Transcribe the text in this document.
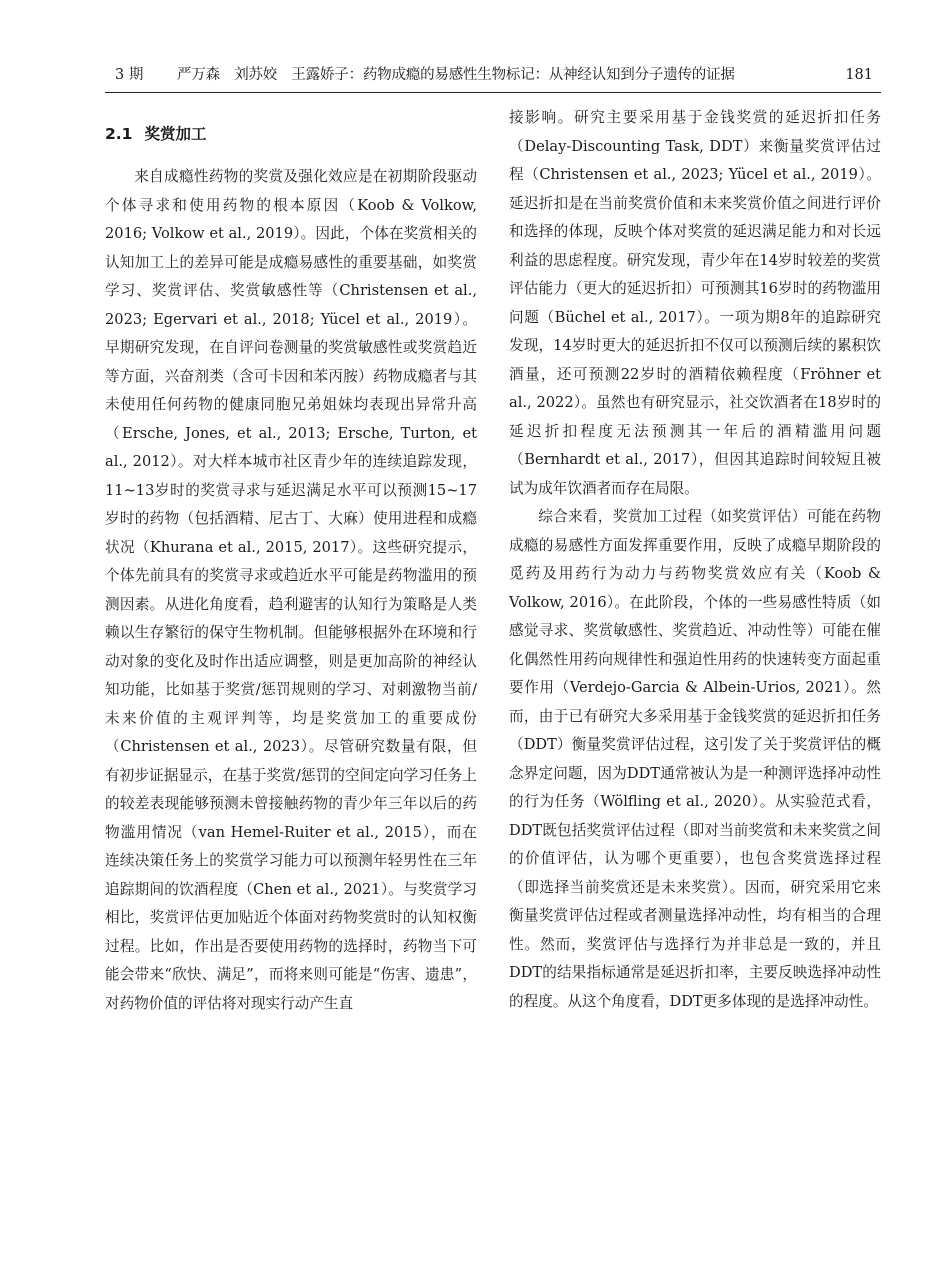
3 期 严万森　刘苏姣　王露娇子：药物成瘾的易感性生物标记：从神经认知到分子遗传的证据	181
2.1 奖赏加工

来自成瘾性药物的奖赏及强化效应是在初期阶段驱动个体寻求和使用药物的根本原因（Koob & Volkow, 2016; Volkow et al., 2019）。因此，个体在奖赏相关的认知加工上的差异可能是成瘾易感性的重要基础，如奖赏学习、奖赏评估、奖赏敏感性等（Christensen et al., 2023; Egervari et al., 2018; Yücel et al., 2019）。早期研究发现，在自评问卷测量的奖赏敏感性或奖赏趋近等方面，兴奋剂类（含可卡因和苯丙胺）药物成瘾者与其未使用任何药物的健康同胞兄弟姐妹均表现出异常升高（Ersche, Jones, et al., 2013; Ersche, Turton, et al., 2012）。对大样本城市社区青少年的连续追踪发现，11~13岁时的奖赏寻求与延迟满足水平可以预测15~17岁时的药物（包括酒精、尼古丁、大麻）使用进程和成瘾状况（Khurana et al., 2015, 2017）。这些研究提示，个体先前具有的奖赏寻求或趋近水平可能是药物滥用的预测因素。从进化角度看，趋利避害的认知行为策略是人类赖以生存繁衍的保守生物机制。但能够根据外在环境和行动对象的变化及时作出适应调整，则是更加高阶的神经认知功能，比如基于奖赏/惩罚规则的学习、对刺激物当前/未来价值的主观评判等，均是奖赏加工的重要成份（Christensen et al., 2023）。尽管研究数量有限，但有初步证据显示，在基于奖赏/惩罚的空间定向学习任务上的较差表现能够预测未曾接触药物的青少年三年以后的药物滥用情况（van Hemel-Ruiter et al., 2015），而在连续决策任务上的奖赏学习能力可以预测年轻男性在三年追踪期间的饮酒程度（Chen et al., 2021）。与奖赏学习相比，奖赏评估更加贴近个体面对药物奖赏时的认知权衡过程。比如，作出是否要使用药物的选择时，药物当下可能会带来“欣快、满足”，而将来则可能是“伤害、遗患”，对药物价值的评估将对现实行动产生直

接影响。研究主要采用基于金钱奖赏的延迟折扣任务（Delay-Discounting Task, DDT）来衡量奖赏评估过程（Christensen et al., 2023; Yücel et al., 2019）。延迟折扣是在当前奖赏价值和未来奖赏价值之间进行评价和选择的体现，反映个体对奖赏的延迟满足能力和对长远利益的思虑程度。研究发现，青少年在14岁时较差的奖赏评估能力（更大的延迟折扣）可预测其16岁时的药物滥用问题（Büchel et al., 2017）。一项为期8年的追踪研究发现，14岁时更大的延迟折扣不仅可以预测后续的累积饮酒量，还可预测22岁时的酒精依赖程度（Fröhner et al., 2022）。虽然也有研究显示，社交饮酒者在18岁时的延迟折扣程度无法预测其一年后的酒精滥用问题（Bernhardt et al., 2017），但因其追踪时间较短且被试为成年饮酒者而存在局限。

综合来看，奖赏加工过程（如奖赏评估）可能在药物成瘾的易感性方面发挥重要作用，反映了成瘾早期阶段的觅药及用药行为动力与药物奖赏效应有关（Koob & Volkow, 2016）。在此阶段，个体的一些易感性特质（如感觉寻求、奖赏敏感性、奖赏趋近、冲动性等）可能在催化偶然性用药向规律性和强迫性用药的快速转变方面起重要作用（Verdejo-Garcia & Albein-Urios, 2021）。然而，由于已有研究大多采用基于金钱奖赏的延迟折扣任务（DDT）衡量奖赏评估过程，这引发了关于奖赏评估的概念界定问题，因为DDT通常被认为是一种测评选择冲动性的行为任务（Wölfling et al., 2020）。从实验范式看，DDT既包括奖赏评估过程（即对当前奖赏和未来奖赏之间的价值评估，认为哪个更重要），也包含奖赏选择过程（即选择当前奖赏还是未来奖赏）。因而，研究采用它来衡量奖赏评估过程或者测量选择冲动性，均有相当的合理性。然而，奖赏评估与选择行为并非总是一致的，并且DDT的结果指标通常是延迟折扣率，主要反映选择冲动性的程度。从这个角度看，DDT更多体现的是选择冲动性。
